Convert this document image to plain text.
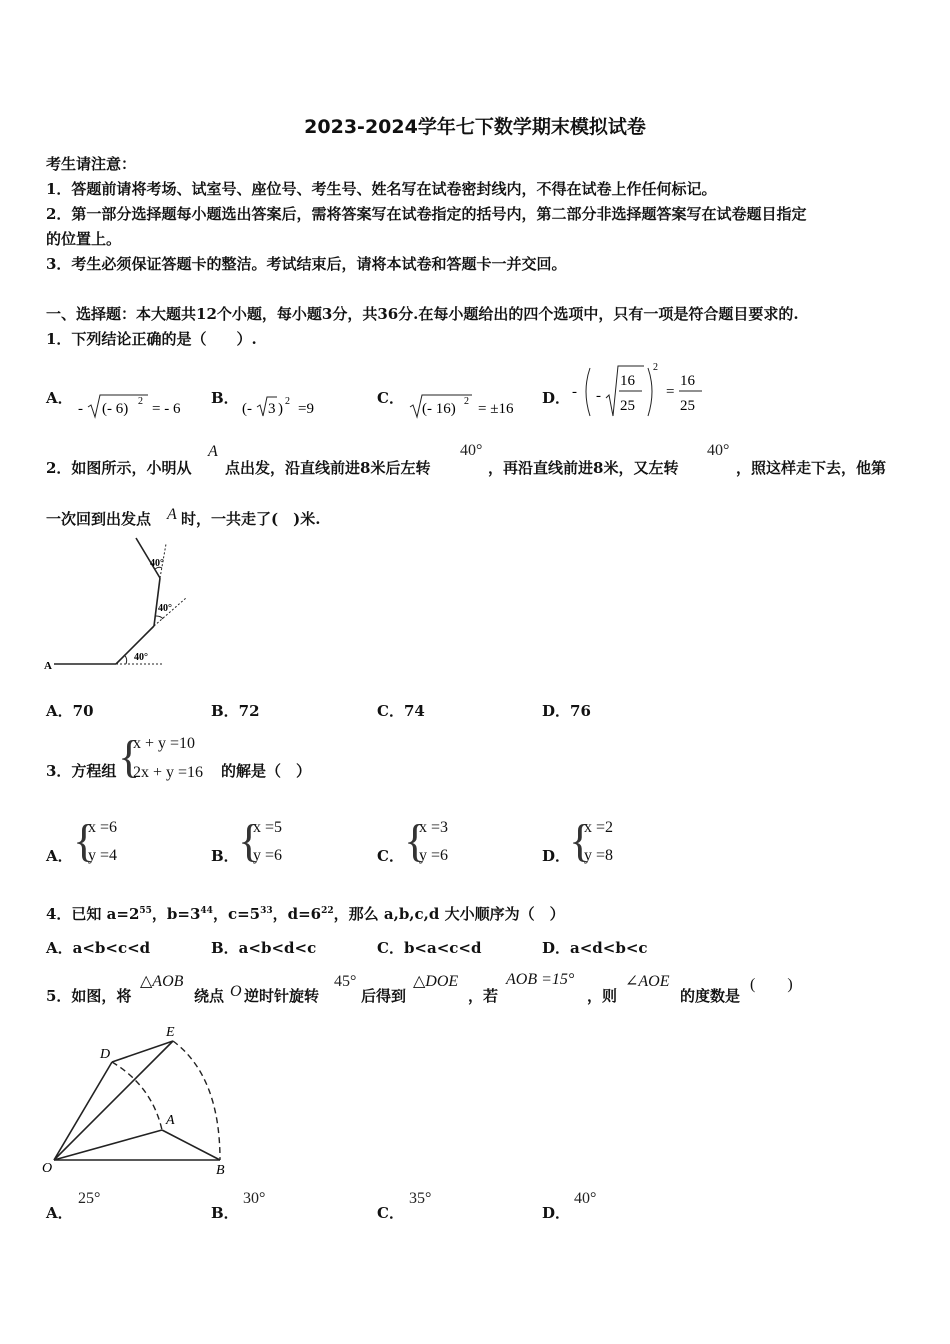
2023-2024学年七下数学期末模拟试卷
考生请注意：
1．答题前请将考场、试室号、座位号、考生号、姓名写在试卷密封线内，不得在试卷上作任何标记。
2．第一部分选择题每小题选出答案后，需将答案写在试卷指定的括号内，第二部分非选择题答案写在试卷题目指定
的位置上。
3．考生必须保证答题卡的整洁。考试结束后，请将本试卷和答题卡一并交回。
一、选择题：本大题共12个小题，每小题3分，共36分.在每小题给出的四个选项中，只有一项是符合题目要求的.
1．下列结论正确的是（　　）.
A．
- (- 6) 2 = - 6
B．
(- 3 ) 2 =9
C．
(- 16) 2 = ±16
D． - -
16
25
2
=
16
25
2．如图所示，小明从
A
点出发，沿直线前进8米后左转
40°
，再沿直线前进8米，又左转
40°
，照这样走下去，他第
一次回到出发点 A 时，一共走了(　)米.
A
40°
40°
40°
A．70	B．72	C．74	D．76
3．方程组 {
x + y =10
2x + y =16 的解是（　）
A． {
x =6
y =4	B． {
x =5
y =6	C． {
x =3
y =6	D．
{
x =2
y =8
4．已知 $a=2^{55}$，$b=3^{44}$，$c=5^{33}$，$d=6^{22}$，那么 a,b,c,d 大小顺序为（　）
A．a<b<c<d	B．a<b<d<c	C．b<a<c<d	D．a<d<b<c
5．如图，将
△AOB
绕点 O 逆时针旋转
45°
后得到
△DOE
，若
AOB =15°
，则
∠AOE
的度数是
(　　)
E
D
A
O	B
A．
25°
B．
30°
C．
35°
D．
40°
